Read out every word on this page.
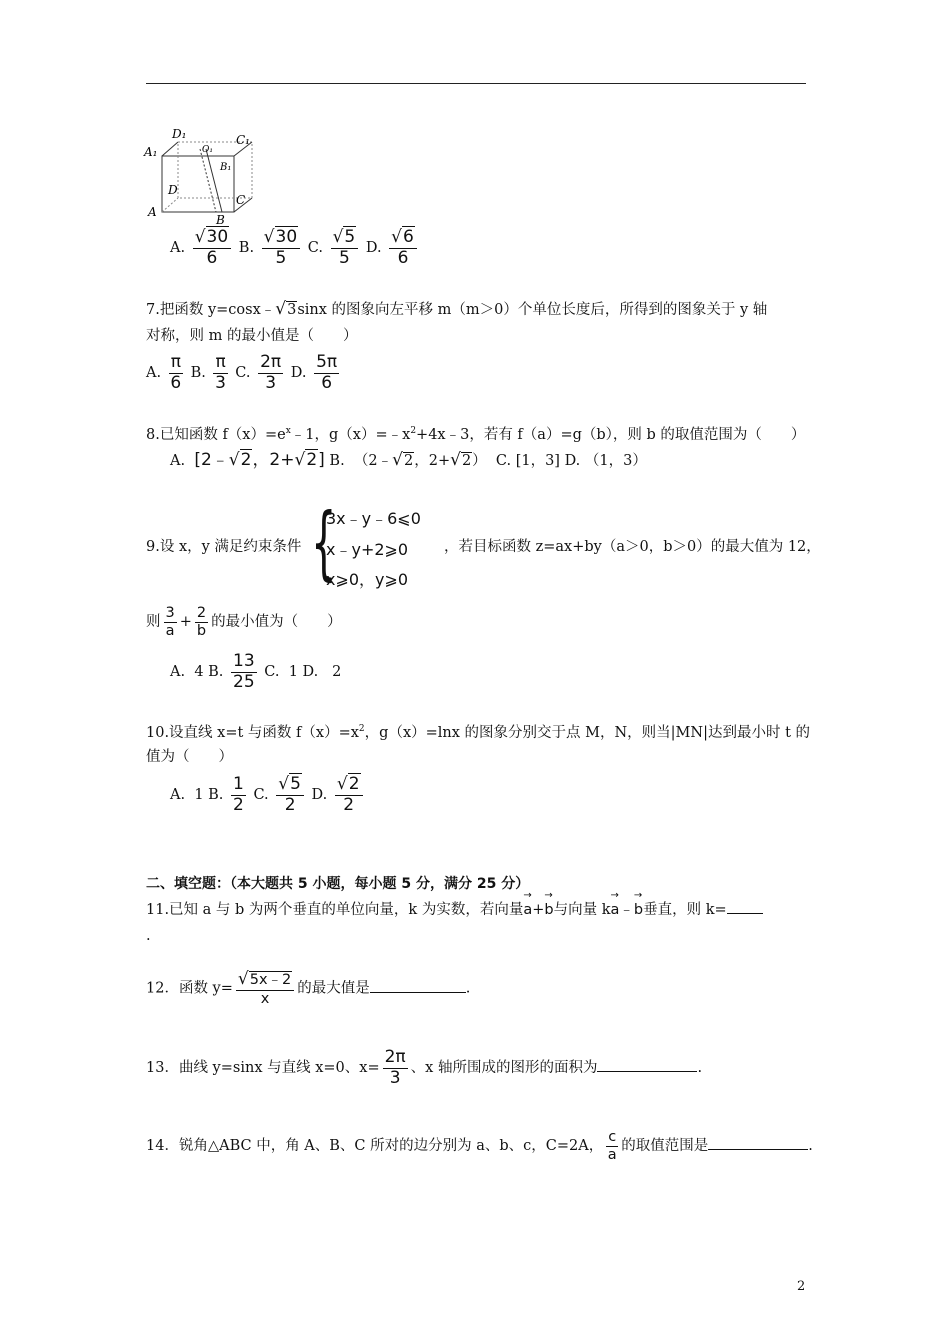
A₁
D₁
O₁
C₁
B₁
D
A
B
C
A. $\frac{√30}{6} B$. $\frac{√30}{5} C$. $\frac{√5}{5} D$. $\frac{√6}{6}$
7.把函数 y=cosx﹣√3sinx 的图象向左平移 m（m＞0）个单位长度后，所得到的图象关于 y 轴
对称，则 m 的最小值是（　　）
A. $\frac{\pi}{6} B$. $\frac{\pi}{3} C$. $\frac{2\pi}{3} D$. $\frac{5\pi}{6}$
8.已知函数 $f(x)=e^x﹣1$，$g(x)=﹣x^2+4x﹣3$，若有 f（a）=g（b），则 b 的取值范围为（　　）
A. [2﹣√2，2+√2] B. （2﹣√2，2+√2） C. [1，3] D. （1，3）
9.设 x，y 满足约束条件 {
3x﹣y﹣6⩽0
x﹣y+2⩾0
x⩾0，y⩾0
，若目标函数 z=ax+by（a＞0，b＞0）的最大值为 12，
则 $\frac{3}{a} + \frac{2}{b}$ 的最小值为（　　）
A. 4 B. $\frac{13}{25} C$. 1 D. 2
10.设直线 x=t 与函数 $f(x)=x^2$，g（x）=lnx 的图象分别交于点 M，N，则当|MN|达到最小时 t 的
值为（　　）
A. 1 B. $\frac{1}{2} C$. $\frac{√5}{2} D$. $\frac{√2}{2}$
二、填空题：（本大题共 5 小题，每小题 5 分，满分 25 分）
11.已知 a 与 b 为两个垂直的单位向量，k 为实数，若向量→ a+→ b与向量 k→ a﹣→ b垂直，则 k=
.
12．函数 $y= \frac{√5x﹣2}{x}$ 的最大值是	.
13．曲线 y=sinx 与直线 x=0、$x= \frac{2\pi}{3}$ 、x 轴所围成的图形的面积为	.
14．锐角△ABC 中，角 A、B、C 所对的边分别为 a、b、c，C=2A， $\frac{c}{a}$ 的取值范围是	.
2
